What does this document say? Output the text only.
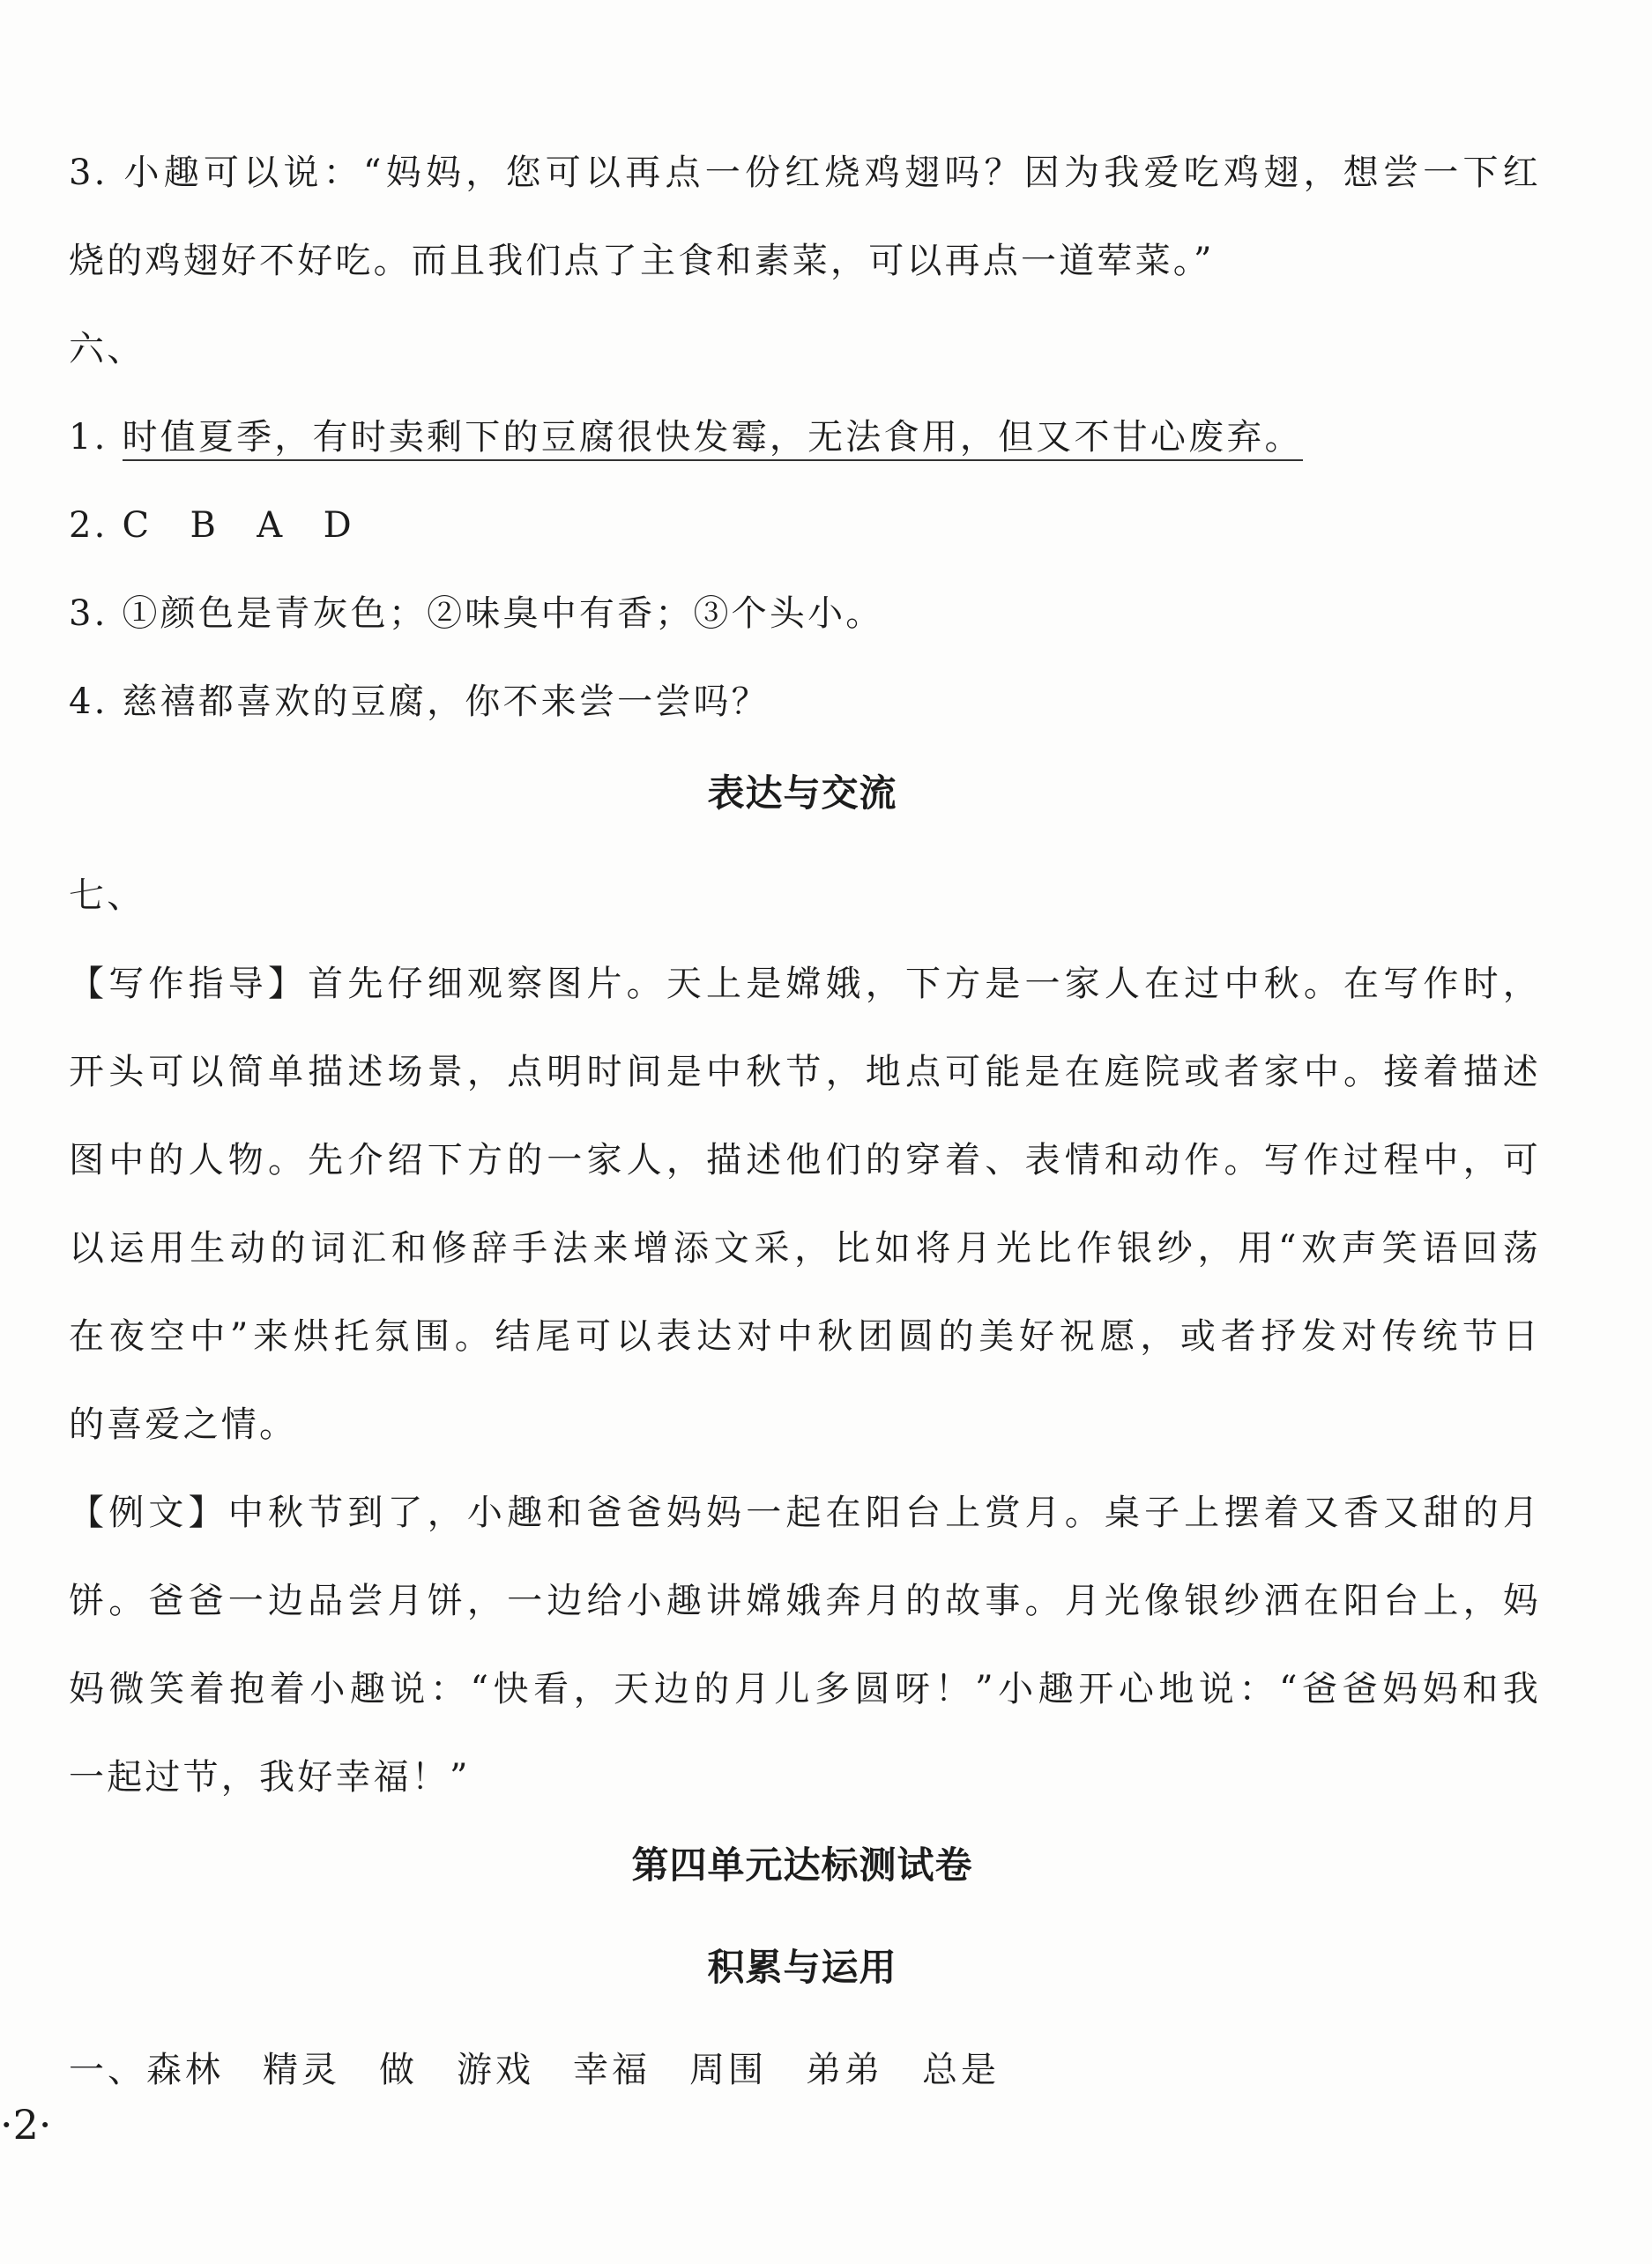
3. 小趣可以说：“妈妈，您可以再点一份红烧鸡翅吗？因为我爱吃鸡翅，想尝一下红
烧的鸡翅好不好吃。而且我们点了主食和素菜，可以再点一道荤菜。”
六、
1. 时值夏季，有时卖剩下的豆腐很快发霉，无法食用，但又不甘心废弃。
2. C　B　A　D
3. ①颜色是青灰色；②味臭中有香；③个头小。
4. 慈禧都喜欢的豆腐，你不来尝一尝吗？
表达与交流
七、
【写作指导】首先仔细观察图片。天上是嫦娥，下方是一家人在过中秋。在写作时，
开头可以简单描述场景，点明时间是中秋节，地点可能是在庭院或者家中。接着描述
图中的人物。先介绍下方的一家人，描述他们的穿着、表情和动作。写作过程中，可
以运用生动的词汇和修辞手法来增添文采，比如将月光比作银纱，用“欢声笑语回荡
在夜空中”来烘托氛围。结尾可以表达对中秋团圆的美好祝愿，或者抒发对传统节日
的喜爱之情。
【例文】中秋节到了，小趣和爸爸妈妈一起在阳台上赏月。桌子上摆着又香又甜的月
饼。爸爸一边品尝月饼，一边给小趣讲嫦娥奔月的故事。月光像银纱洒在阳台上，妈
妈微笑着抱着小趣说：“快看，天边的月儿多圆呀！”小趣开心地说：“爸爸妈妈和我
一起过节，我好幸福！”
第四单元达标测试卷
积累与运用
一、森林　精灵　做　游戏　幸福　周围　弟弟　总是
·2·
